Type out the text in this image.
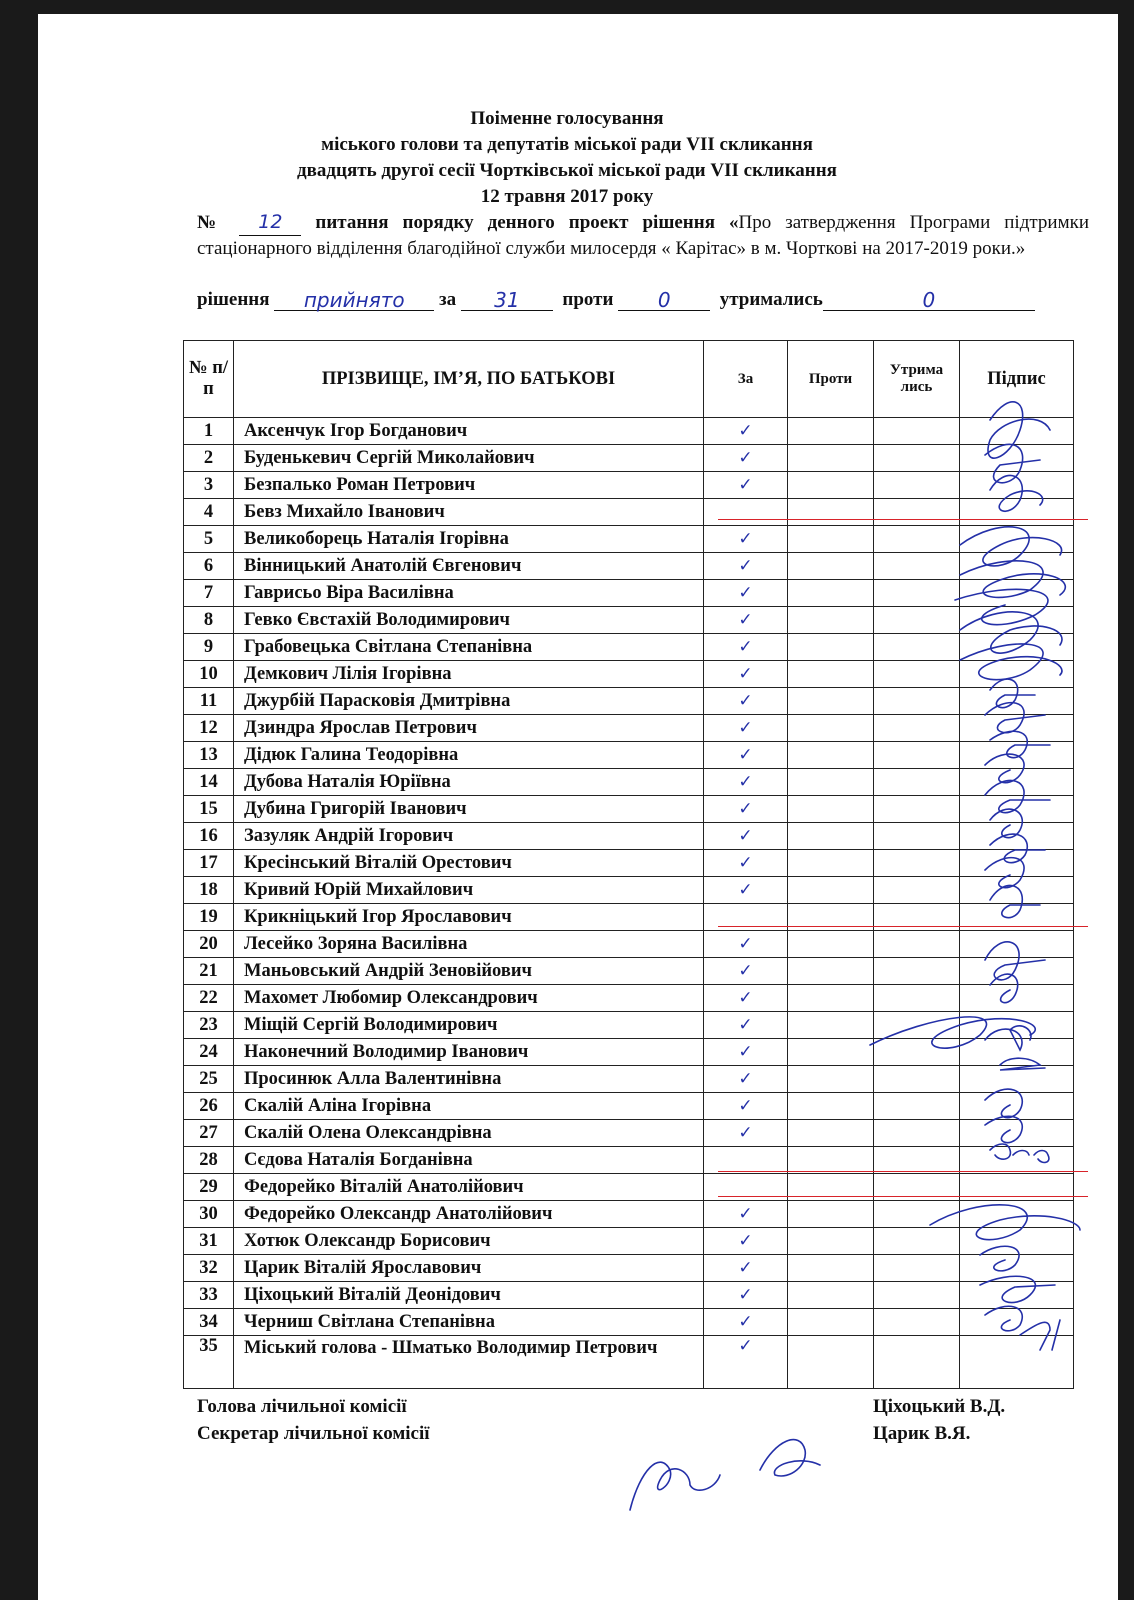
Поіменне голосування
міського голови та депутатів міської ради VІІ скликання
двадцять другої сесії Чортківської міської ради VІІ скликання
12 травня 2017 року
№ 12 питання порядку денного проект рішення «Про затвердження Програми підтримки стаціонарного відділення благодійної служби милосердя « Карітас» в м. Чорткові на 2017-2019 роки.»
рішення прийнято за 31 проти 0	утримались	0
№ п/п	ПРІЗВИЩЕ, ІМ’Я, ПО БАТЬКОВІ	За	Проти	Утрима лись	Підпис
1	Аксенчук Ігор Богданович	✓			
2	Буденькевич Сергій Миколайович	✓			
3	Безпалько Роман Петрович	✓			
4	Бевз Михайло Іванович				
5	Великоборець Наталія Ігорівна	✓			
6	Вінницький Анатолій Євгенович	✓			
7	Гаврисьо Віра Василівна	✓			
8	Гевко Євстахій Володимирович	✓			
9	Грабовецька Світлана Степанівна	✓			
10	Демкович Лілія Ігорівна	✓			
11	Джурбій Парасковія Дмитрівна	✓			
12	Дзиндра Ярослав Петрович	✓			
13	Дідюк Галина Теодорівна	✓			
14	Дубова Наталія Юріївна	✓			
15	Дубина Григорій Іванович	✓			
16	Зазуляк Андрій Ігорович	✓			
17	Кресінський Віталій Орестович	✓			
18	Кривий Юрій Михайлович	✓			
19	Крикніцький Ігор Ярославович				
20	Лесейко Зоряна Василівна	✓			
21	Маньовський Андрій Зеновійович	✓			
22	Махомет Любомир Олександрович	✓			
23	Міщій Сергій Володимирович	✓			
24	Наконечний Володимир Іванович	✓			
25	Просинюк Алла Валентинівна	✓			
26	Скалій Аліна Ігорівна	✓			
27	Скалій Олена Олександрівна	✓			
28	Сєдова Наталія Богданівна				
29	Федорейко Віталій Анатолійович				
30	Федорейко Олександр Анатолійович	✓			
31	Хотюк Олександр Борисович	✓			
32	Царик Віталій Ярославович	✓			
33	Ціхоцький Віталій Деонідович	✓			
34	Черниш Світлана Степанівна	✓			
35	Міський голова - Шматько Володимир Петрович	✓			
Голова лічильної комісії	Ціхоцький В.Д.
Секретар лічильної комісії	Царик В.Я.
